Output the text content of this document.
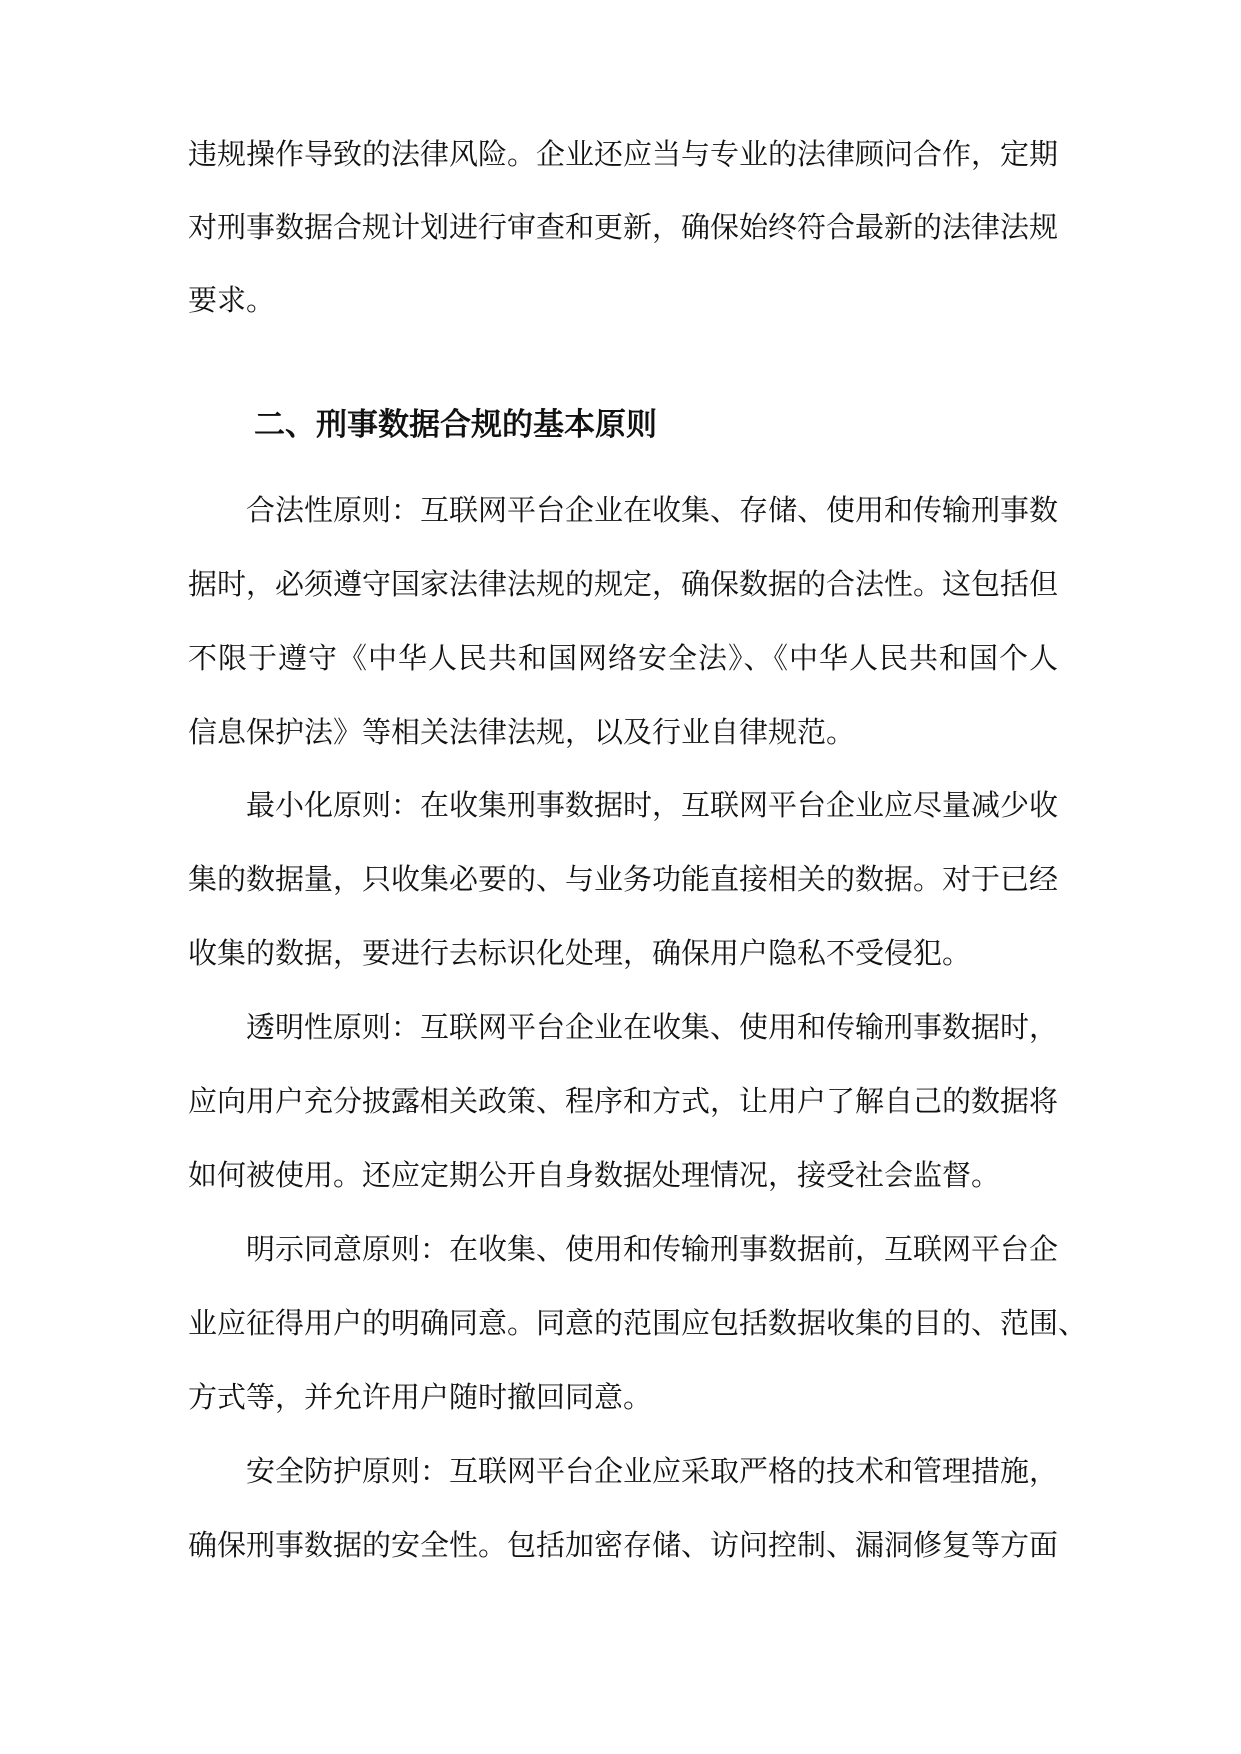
违规操作导致的法律风险。企业还应当与专业的法律顾问合作，定期
对刑事数据合规计划进行审查和更新，确保始终符合最新的法律法规
要求。
二、刑事数据合规的基本原则
合法性原则：互联网平台企业在收集、存储、使用和传输刑事数
据时，必须遵守国家法律法规的规定，确保数据的合法性。这包括但
不限于遵守《中华人民共和国网络安全法》、《中华人民共和国个人
信息保护法》等相关法律法规，以及行业自律规范。
最小化原则：在收集刑事数据时，互联网平台企业应尽量减少收
集的数据量，只收集必要的、与业务功能直接相关的数据。对于已经
收集的数据，要进行去标识化处理，确保用户隐私不受侵犯。
透明性原则：互联网平台企业在收集、使用和传输刑事数据时，
应向用户充分披露相关政策、程序和方式，让用户了解自己的数据将
如何被使用。还应定期公开自身数据处理情况，接受社会监督。
明示同意原则：在收集、使用和传输刑事数据前，互联网平台企
业应征得用户的明确同意。同意的范围应包括数据收集的目的、范围、
方式等，并允许用户随时撤回同意。
安全防护原则：互联网平台企业应采取严格的技术和管理措施，
确保刑事数据的安全性。包括加密存储、访问控制、漏洞修复等方面
